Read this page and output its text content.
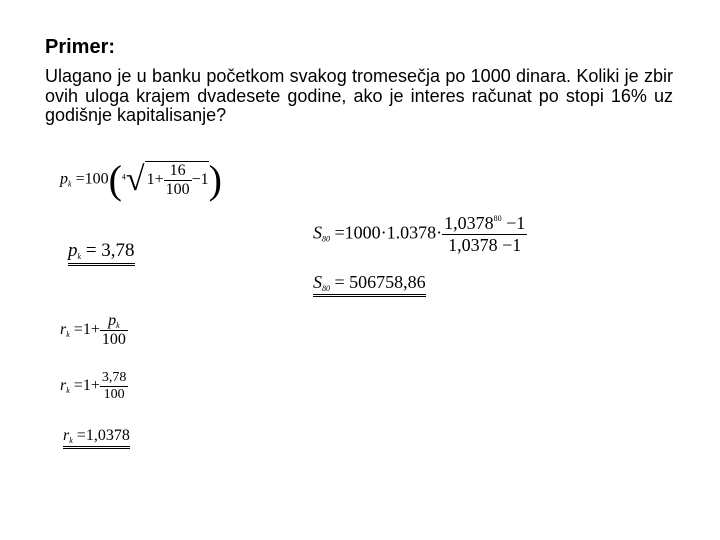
Primer:
Ulagano je u banku početkom svakog tromesečja po 1000 dinara. Koliki je zbir ovih uloga krajem dvadesete godine, ako je interes računat po stopi 16% uz godišnje kapitalisanje?
$p_k =100(^4√$ $1+ \frac{16}{100} -1$)
$p_k = 3,78$
$r_k =1+ \frac{p_k}{100}$
$r_k =1+ \frac{3,78}{100}$
$r_k =1,0378$
$S_{80} =1000\cdot 1.0378\cdot \frac{1,0378^{80} -1}{1,0378 -1}$
$S_{80} = 506758,86$
